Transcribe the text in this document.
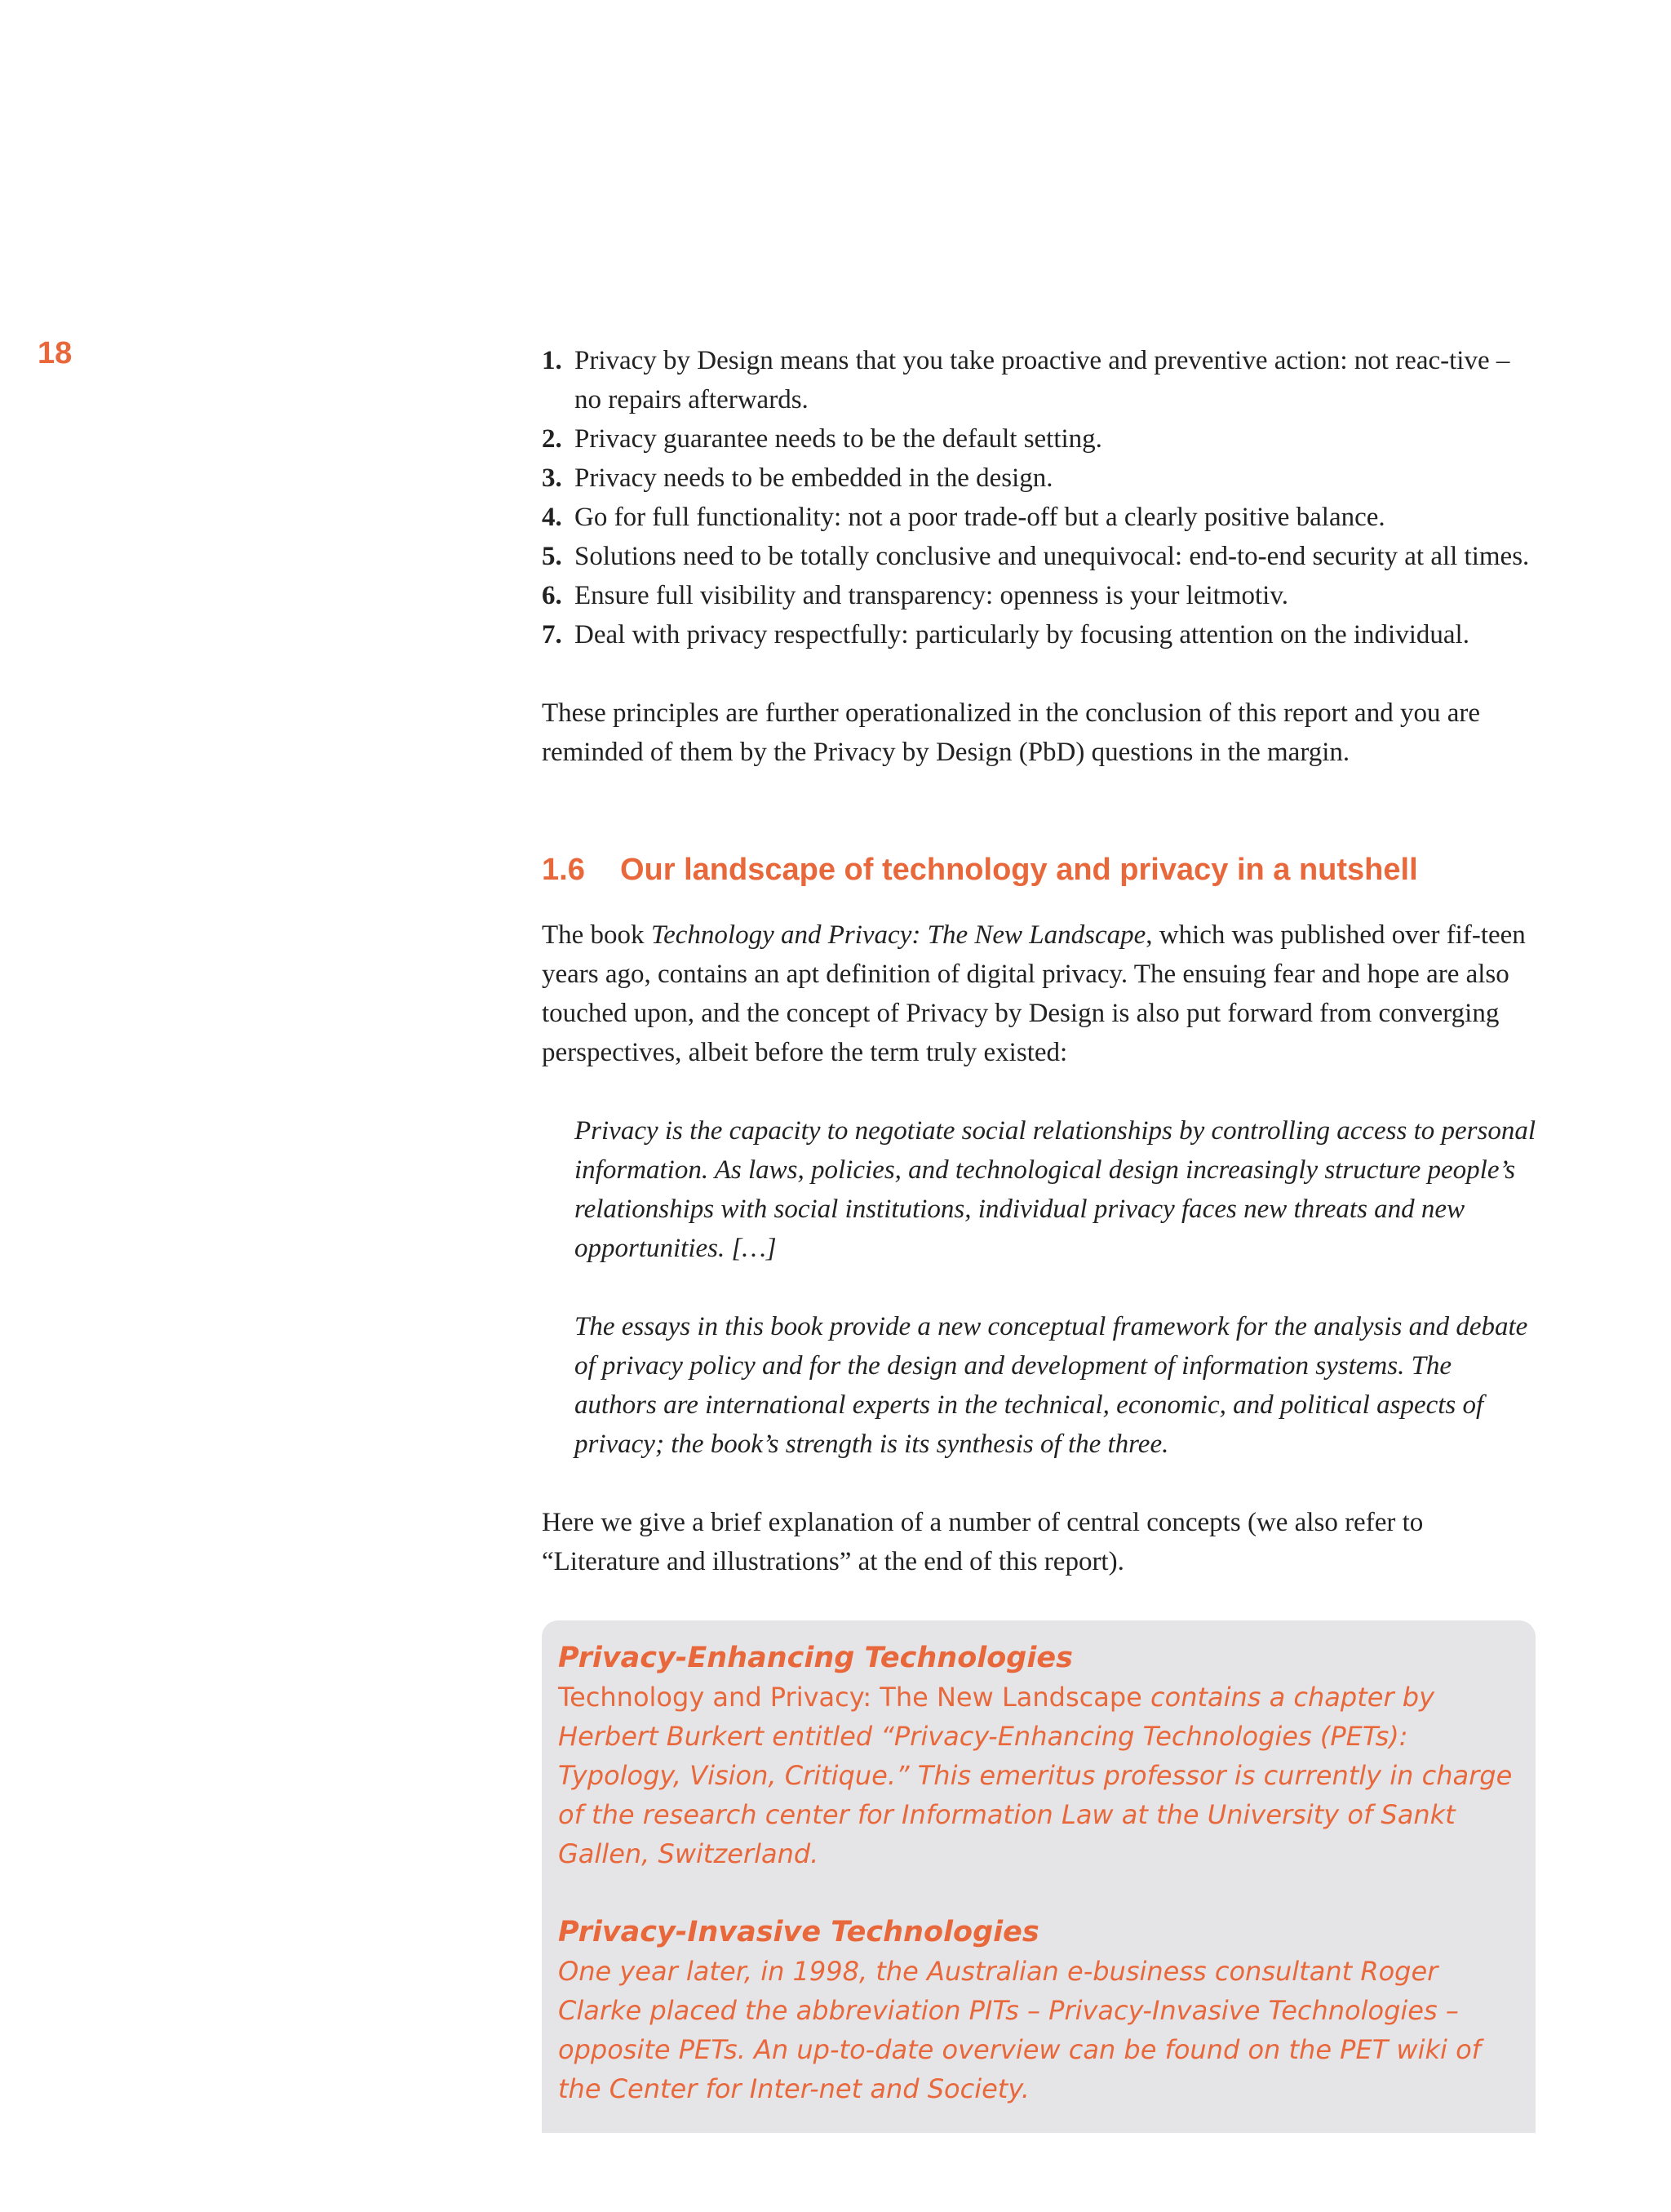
18	1. Privacy by Design means that you take proactive and preventive action: not reac-tive – no repairs afterwards.
2. Privacy guarantee needs to be the default setting.
3. Privacy needs to be embedded in the design.
4. Go for full functionality: not a poor trade-off but a clearly positive balance.
5. Solutions need to be totally conclusive and unequivocal: end-to-end security at all times.
6. Ensure full visibility and transparency: openness is your leitmotiv.
7. Deal with privacy respectfully: particularly by focusing attention on the individual.

These principles are further operationalized in the conclusion of this report and you are reminded of them by the Privacy by Design (PbD) questions in the margin.

1.6	Our landscape of technology and privacy in a nutshell

The book Technology and Privacy: The New Landscape, which was published over fif-teen years ago, contains an apt definition of digital privacy. The ensuing fear and hope are also touched upon, and the concept of Privacy by Design is also put forward from converging perspectives, albeit before the term truly existed:

Privacy is the capacity to negotiate social relationships by controlling access to personal information. As laws, policies, and technological design increasingly structure people’s relationships with social institutions, individual privacy faces new threats and new opportunities. […]

The essays in this book provide a new conceptual framework for the analysis and debate of privacy policy and for the design and development of information systems. The authors are international experts in the technical, economic, and political aspects of privacy; the book’s strength is its synthesis of the three.

Here we give a brief explanation of a number of central concepts (we also refer to “Literature and illustrations” at the end of this report).

Privacy-Enhancing Technologies
Technology and Privacy: The New Landscape contains a chapter by Herbert Burkert entitled “Privacy-Enhancing Technologies (PETs): Typology, Vision, Critique.” This emeritus professor is currently in charge of the research center for Information Law at the University of Sankt Gallen, Switzerland.
Privacy-Invasive Technologies
One year later, in 1998, the Australian e-business consultant Roger Clarke placed the abbreviation PITs – Privacy-Invasive Technologies – opposite PETs. An up-to-date overview can be found on the PET wiki of the Center for Inter-net and Society.
